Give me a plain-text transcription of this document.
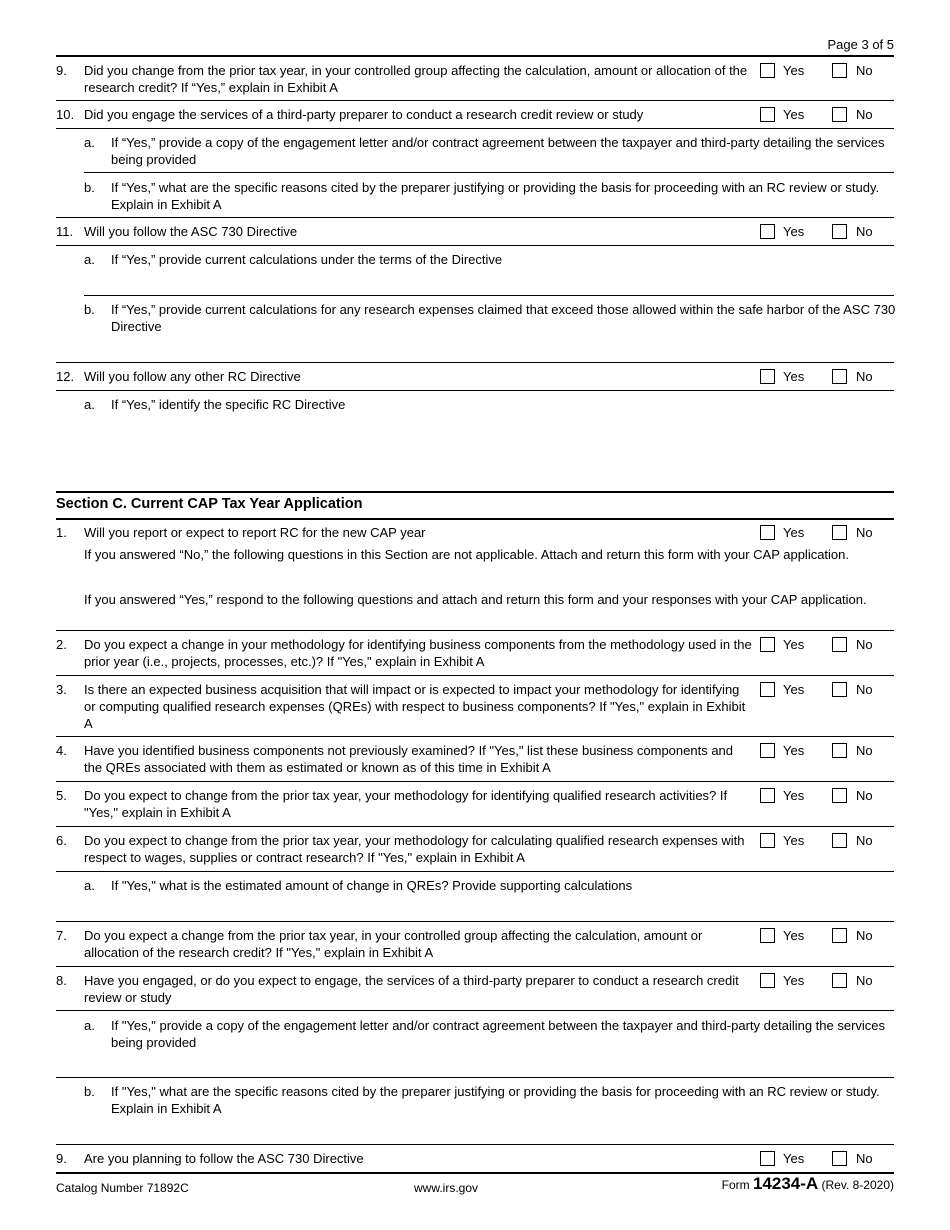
Page 3 of 5
9. Did you change from the prior tax year, in your controlled group affecting the calculation, amount or allocation of the research credit? If “Yes,” explain in Exhibit A
Yes	No
10. Did you engage the services of a third-party preparer to conduct a research credit review or study	Yes	No
a. If “Yes,” provide a copy of the engagement letter and/or contract agreement between the taxpayer and third-party detailing the services being provided
b. If “Yes,” what are the specific reasons cited by the preparer justifying or providing the basis for proceeding with an RC review or study. Explain in Exhibit A
11. Will you follow the ASC 730 Directive	Yes	No
a. If “Yes,” provide current calculations under the terms of the Directive
b. If “Yes,” provide current calculations for any research expenses claimed that exceed those allowed within the safe harbor of the ASC 730 Directive
12. Will you follow any other RC Directive	Yes	No
a. If “Yes,” identify the specific RC Directive
Section C. Current CAP Tax Year Application
1. Will you report or expect to report RC for the new CAP year	Yes	No
If you answered “No,” the following questions in this Section are not applicable. Attach and return this form with your CAP application.
If you answered “Yes,” respond to the following questions and attach and return this form and your responses with your CAP application.
2. Do you expect a change in your methodology for identifying business components from the methodology used in the prior year (i.e., projects, processes, etc.)? If "Yes," explain in Exhibit A
Yes	No
3. Is there an expected business acquisition that will impact or is expected to impact your methodology for identifying or computing qualified research expenses (QREs) with respect to business components? If "Yes," explain in Exhibit A
Yes	No
4. Have you identified business components not previously examined? If "Yes," list these business components and the QREs associated with them as estimated or known as of this time in Exhibit A
Yes	No
5. Do you expect to change from the prior tax year, your methodology for identifying qualified research activities? If "Yes," explain in Exhibit A
Yes	No
6. Do you expect to change from the prior tax year, your methodology for calculating qualified research expenses with respect to wages, supplies or contract research? If "Yes," explain in Exhibit A
Yes	No
a. If "Yes," what is the estimated amount of change in QREs? Provide supporting calculations
7. Do you expect a change from the prior tax year, in your controlled group affecting the calculation, amount or allocation of the research credit? If "Yes," explain in Exhibit A
Yes	No
8. Have you engaged, or do you expect to engage, the services of a third-party preparer to conduct a research credit review or study
Yes	No
a. If "Yes," provide a copy of the engagement letter and/or contract agreement between the taxpayer and third-party detailing the services being provided
b. If "Yes," what are the specific reasons cited by the preparer justifying or providing the basis for proceeding with an RC review or study. Explain in Exhibit A
9. Are you planning to follow the ASC 730 Directive	Yes	No
Catalog Number 71892C	www.irs.gov	Form 14234-A (Rev. 8-2020)
